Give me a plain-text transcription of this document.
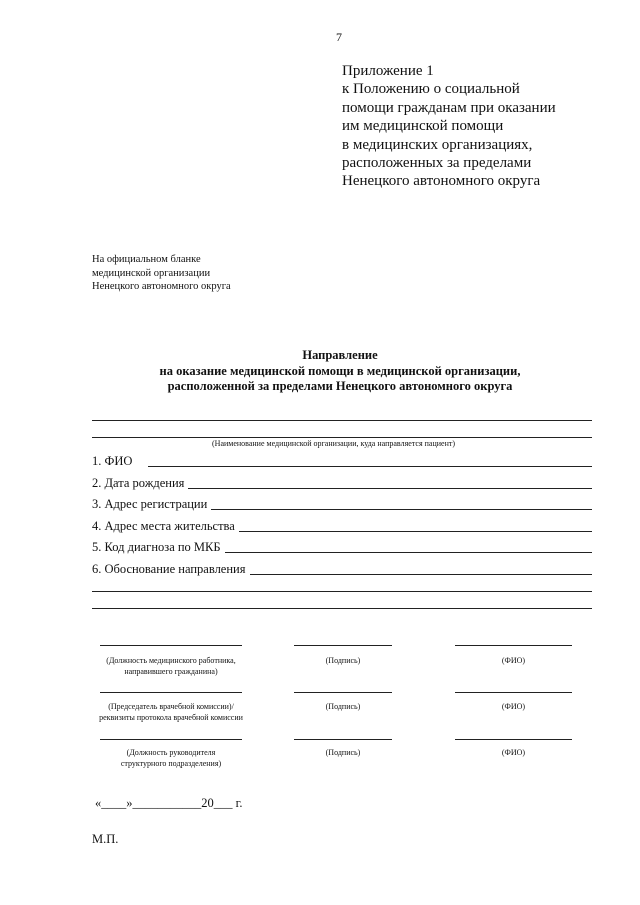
7
Приложение 1
к Положению о социальной
помощи гражданам при оказании
им медицинской помощи
в медицинских организациях,
расположенных за пределами
Ненецкого автономного округа
На официальном бланке
медицинской организации
Ненецкого автономного округа
Направление
на оказание медицинской помощи в медицинской организации,
расположенной за пределами Ненецкого автономного округа
(Наименование медицинской организации, куда направляется пациент)
1. ФИО
2. Дата рождения
3. Адрес регистрации
4. Адрес места жительства
5. Код диагноза по МКБ
6. Обоснование направления
(Должность медицинского работника,
направившего гражданина)
(Подпись)	(ФИО)
(Председатель врачебной комиссии)/
реквизиты протокола врачебной комиссии
(Подпись)	(ФИО)
(Должность руководителя
структурного подразделения)
(Подпись)	(ФИО)
«____»___________20___ г.
М.П.
